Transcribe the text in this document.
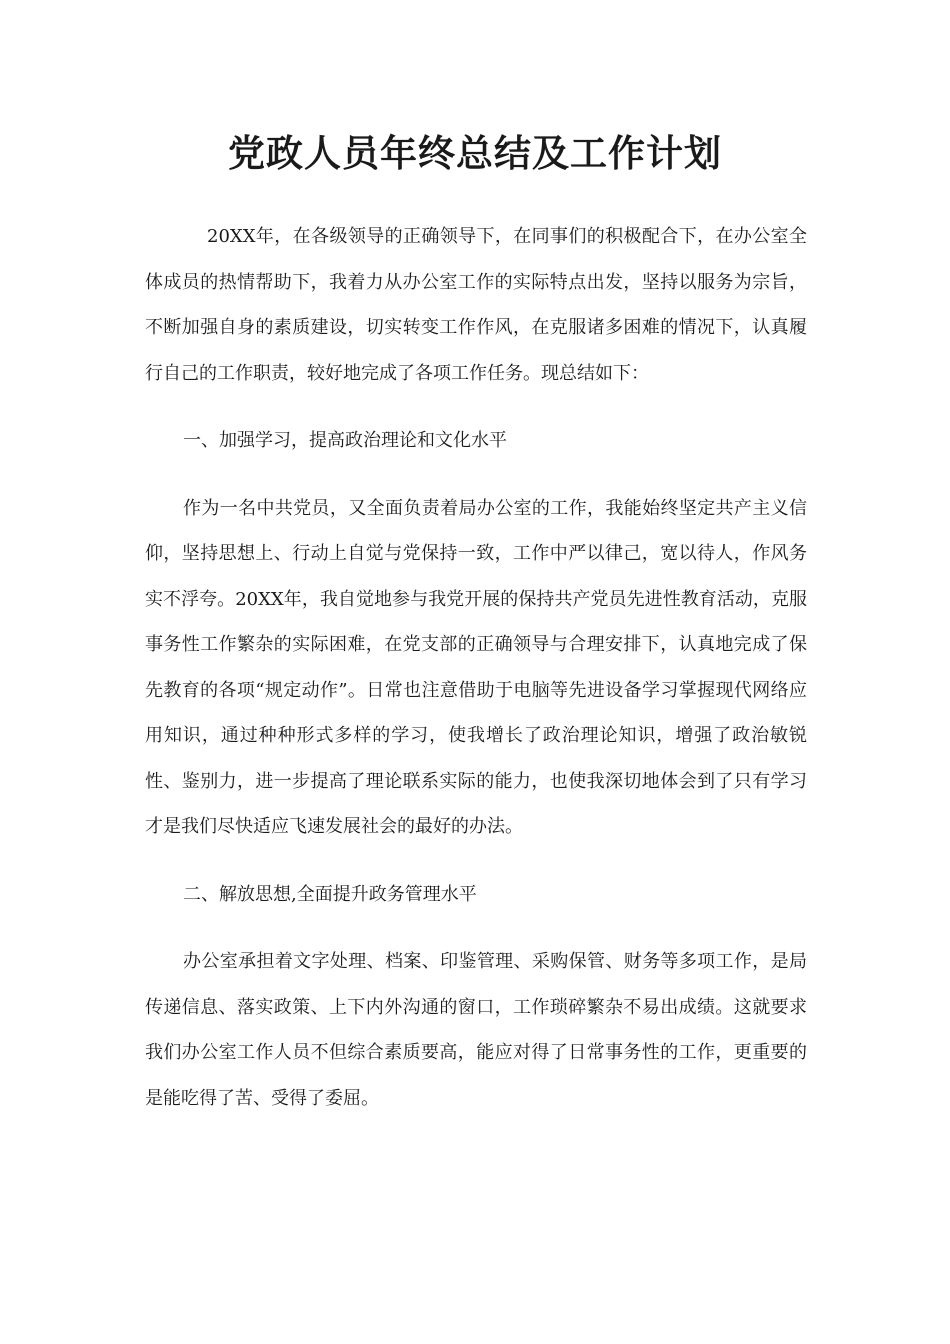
党政人员年终总结及工作计划

20XX年，在各级领导的正确领导下，在同事们的积极配合下，在办公室全体成员的热情帮助下，我着力从办公室工作的实际特点出发，坚持以服务为宗旨，不断加强自身的素质建设，切实转变工作作风，在克服诸多困难的情况下，认真履行自己的工作职责，较好地完成了各项工作任务。现总结如下：

一、加强学习，提高政治理论和文化水平

作为一名中共党员，又全面负责着局办公室的工作，我能始终坚定共产主义信仰，坚持思想上、行动上自觉与党保持一致，工作中严以律己，宽以待人，作风务实不浮夸。20XX年，我自觉地参与我党开展的保持共产党员先进性教育活动，克服事务性工作繁杂的实际困难，在党支部的正确领导与合理安排下，认真地完成了保先教育的各项“规定动作”。日常也注意借助于电脑等先进设备学习掌握现代网络应用知识，通过种种形式多样的学习，使我增长了政治理论知识，增强了政治敏锐性、鉴别力，进一步提高了理论联系实际的能力，也使我深切地体会到了只有学习才是我们尽快适应飞速发展社会的最好的办法。

二、解放思想,全面提升政务管理水平

办公室承担着文字处理、档案、印鉴管理、采购保管、财务等多项工作，是局传递信息、落实政策、上下内外沟通的窗口，工作琐碎繁杂不易出成绩。这就要求我们办公室工作人员不但综合素质要高，能应对得了日常事务性的工作，更重要的是能吃得了苦、受得了委屈。
